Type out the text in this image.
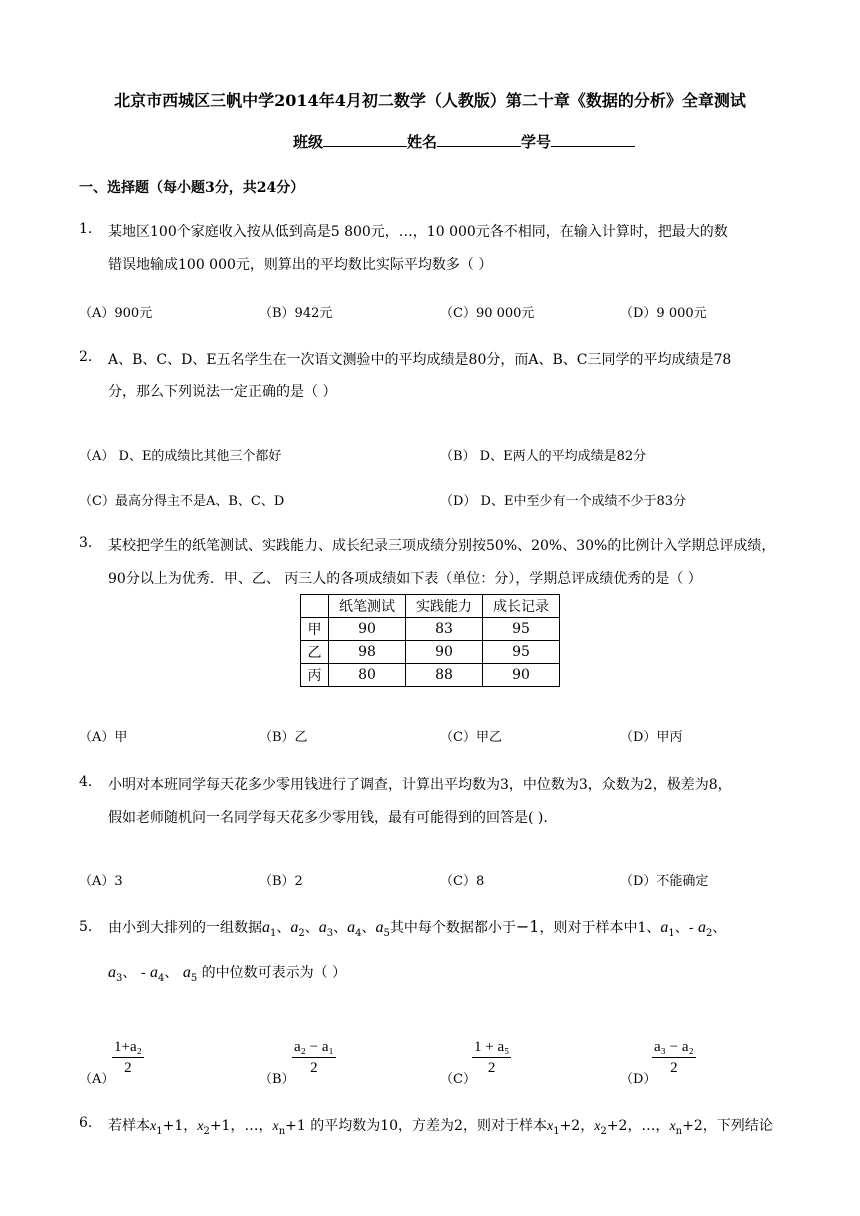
北京市西城区三帆中学2014年4月初二数学（人教版）第二十章《数据的分析》全章测试
班级	姓名	学号
一、选择题（每小题3分，共24分）
1. 某地区100个家庭收入按从低到高是5 800元，…，10 000元各不相同，在输入计算时，把最大的数
错误地输成100 000元，则算出的平均数比实际平均数多（ ）
（A）900元	（B）942元	（C）90 000元	（D）9 000元
2. A、B、C、D、E五名学生在一次语文测验中的平均成绩是80分，而A、B、C三同学的平均成绩是78
分，那么下列说法一定正确的是（ ）
（A） D、E的成绩比其他三个都好	（B） D、E两人的平均成绩是82分
（C）最高分得主不是A、B、C、D	（D） D、E中至少有一个成绩不少于83分
3. 某校把学生的纸笔测试、实践能力、成长纪录三项成绩分别按50%、20%、30%的比例计入学期总评成绩，
90分以上为优秀．甲、乙、 丙三人的各项成绩如下表（单位：分），学期总评成绩优秀的是（ ）
	纸笔测试	实践能力	成长记录
甲	90	83	95
乙	98	90	95
丙	80	88	90
（A）甲	（B）乙	（C）甲乙	（D）甲丙
4. 小明对本班同学每天花多少零用钱进行了调查，计算出平均数为3，中位数为3，众数为2，极差为8，
假如老师随机问一名同学每天花多少零用钱，最有可能得到的回答是( ).
（A）3	（B）2	（C）8	（D）不能确定
5. 由小到大排列的一组数据$a_1$、$a_2$、$a_3$、$a_4$、$a_5$其中每个数据都小于−1，则对于样本中1、$a_1$、- $a_2$、
$a_3$、 - $a_4$、 $a_5$ 的中位数可表示为（ ）
（A）
$\frac{\text{1+a₂}}{2}$
（B）
$\frac{\text{a₂ − a₁}}{2}$
（C）
$\frac{\text{1 + a₅}}{2}$
（D）
$\frac{\text{a₃ − a₂}}{2}$
6. 若样本$x_1+1$，$x_2+1$，…，$x_n+1$ 的平均数为10，方差为2，则对于样本$x_1+2$，$x_2+2$，…，$x_n+2$，下列结论
